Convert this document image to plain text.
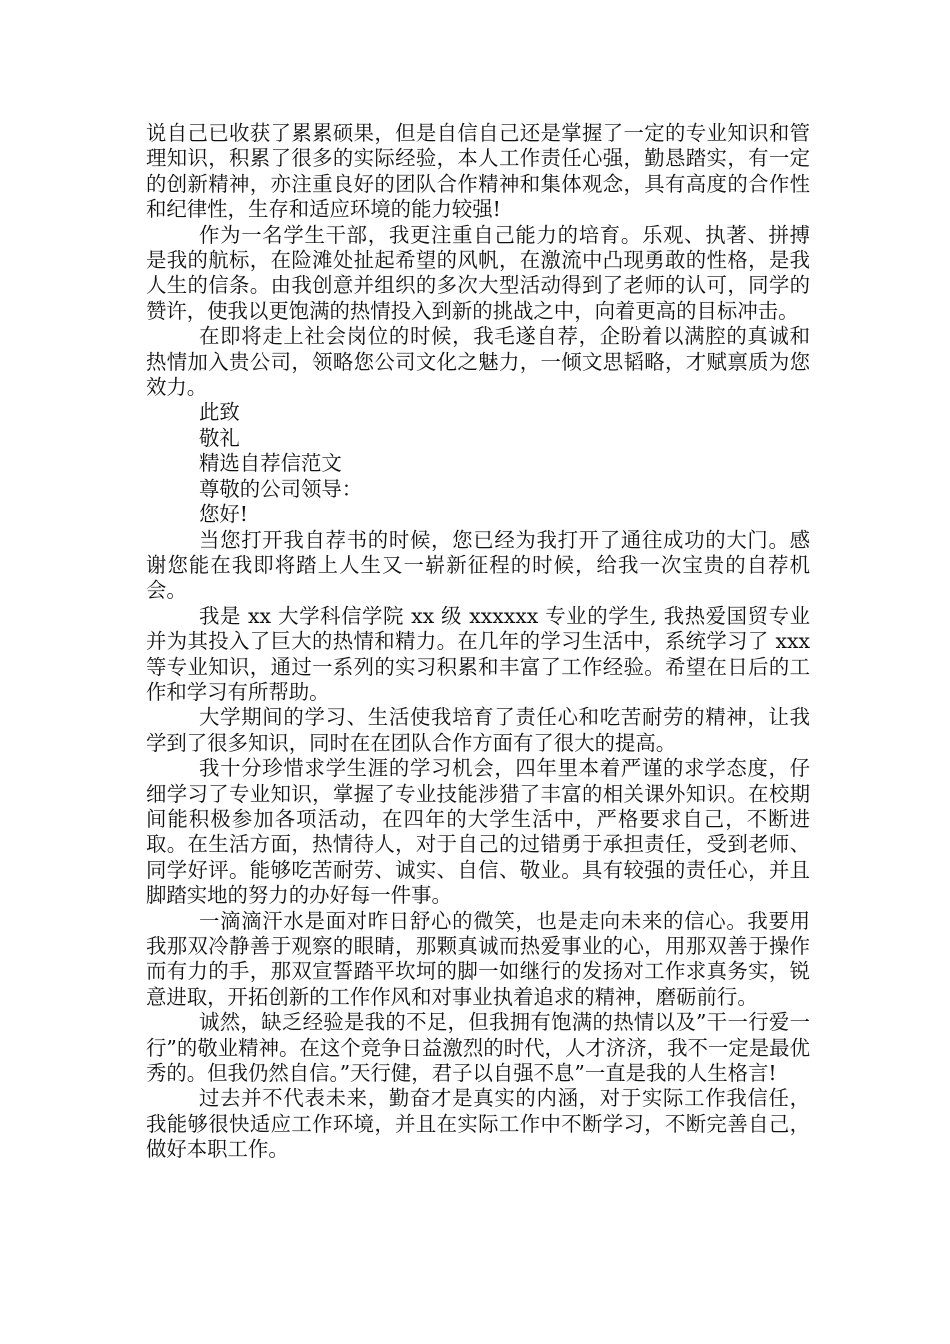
说自己已收获了累累硕果，但是自信自己还是掌握了一定的专业知识和管理知识，积累了很多的实际经验，本人工作责任心强，勤恳踏实，有一定的创新精神，亦注重良好的团队合作精神和集体观念，具有高度的合作性和纪律性，生存和适应环境的能力较强!

作为一名学生干部，我更注重自己能力的培育。乐观、执著、拼搏是我的航标，在险滩处扯起希望的风帆，在激流中凸现勇敢的性格，是我人生的信条。由我创意并组织的多次大型活动得到了老师的认可，同学的赞许，使我以更饱满的热情投入到新的挑战之中，向着更高的目标冲击。

在即将走上社会岗位的时候，我毛遂自荐，企盼着以满腔的真诚和热情加入贵公司，领略您公司文化之魅力，一倾文思韬略，才赋禀质为您效力。

此致

敬礼

精选自荐信范文

尊敬的公司领导：

您好!

当您打开我自荐书的时候，您已经为我打开了通往成功的大门。感谢您能在我即将踏上人生又一崭新征程的时候，给我一次宝贵的自荐机会。

我是 xx 大学科信学院 xx 级 xxxxxx 专业的学生, 我热爱国贸专业并为其投入了巨大的热情和精力。在几年的学习生活中，系统学习了 xxx 等专业知识，通过一系列的实习积累和丰富了工作经验。希望在日后的工作和学习有所帮助。

大学期间的学习、生活使我培育了责任心和吃苦耐劳的精神，让我学到了很多知识，同时在在团队合作方面有了很大的提高。

我十分珍惜求学生涯的学习机会，四年里本着严谨的求学态度，仔细学习了专业知识，掌握了专业技能涉猎了丰富的相关课外知识。在校期间能积极参加各项活动，在四年的大学生活中，严格要求自己，不断进取。在生活方面，热情待人，对于自己的过错勇于承担责任，受到老师、同学好评。能够吃苦耐劳、诚实、自信、敬业。具有较强的责任心，并且脚踏实地的努力的办好每一件事。

一滴滴汗水是面对昨日舒心的微笑，也是走向未来的信心。我要用我那双冷静善于观察的眼睛，那颗真诚而热爱事业的心，用那双善于操作而有力的手，那双宣誓踏平坎坷的脚一如继行的发扬对工作求真务实，锐意进取，开拓创新的工作作风和对事业执着追求的精神，磨砺前行。

诚然，缺乏经验是我的不足，但我拥有饱满的热情以及”干一行爱一行”的敬业精神。在这个竞争日益激烈的时代，人才济济，我不一定是最优秀的。但我仍然自信。”天行健，君子以自强不息”一直是我的人生格言!

过去并不代表未来，勤奋才是真实的内涵，对于实际工作我信任，我能够很快适应工作环境，并且在实际工作中不断学习，不断完善自己，做好本职工作。
